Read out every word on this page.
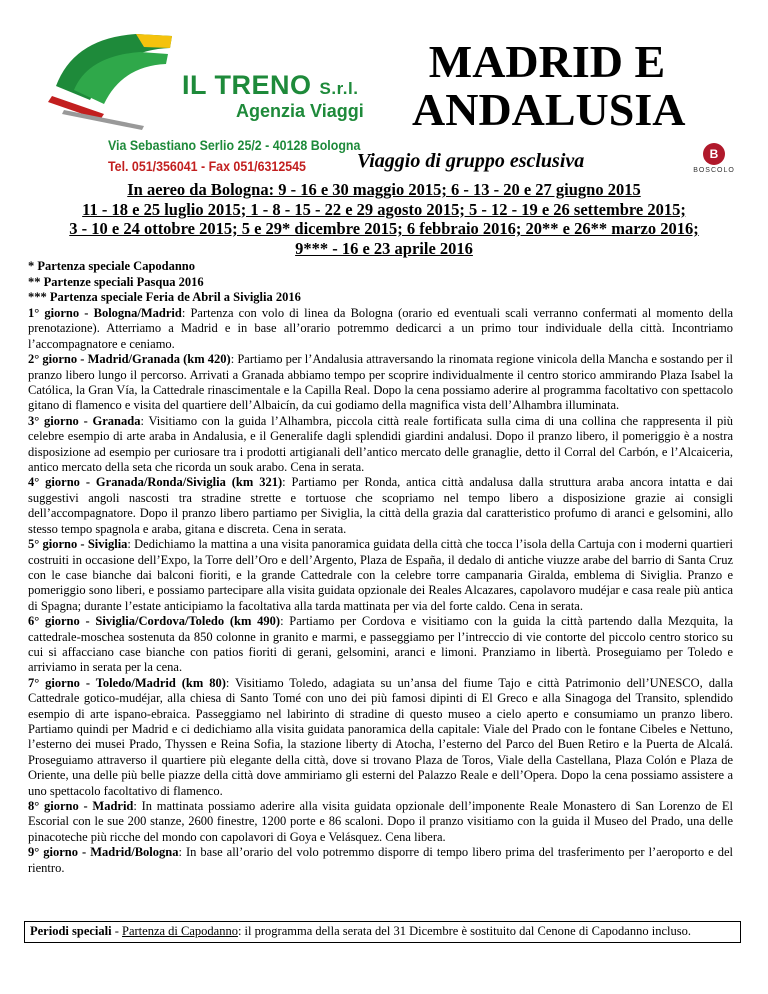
IL TRENO S.r.l.
Agenzia Viaggi
Via Sebastiano Serlio 25/2 - 40128 Bologna
Tel. 051/356041 - Fax 051/6312545
MADRID E
ANDALUSIA
Viaggio di gruppo esclusiva	B
BOSCOLO
In aereo da Bologna: 9 - 16 e 30 maggio 2015; 6 - 13 - 20 e 27 giugno 2015
11 - 18 e 25 luglio 2015; 1 - 8 - 15 - 22 e 29 agosto 2015; 5 - 12 - 19 e 26 settembre 2015;
3 - 10 e 24 ottobre 2015; 5 e 29* dicembre 2015; 6 febbraio 2016; 20** e 26** marzo 2016;
9*** - 16 e 23 aprile 2016
* Partenza speciale Capodanno
** Partenze speciali Pasqua 2016
*** Partenza speciale Feria de Abril a Siviglia 2016

1° giorno - Bologna/Madrid: Partenza con volo di linea da Bologna (orario ed eventuali scali verranno confermati al momento della prenotazione). Atterriamo a Madrid e in base all’orario potremmo dedicarci a un primo tour individuale della città. Incontriamo l’accompagnatore e ceniamo.

2° giorno - Madrid/Granada (km 420): Partiamo per l’Andalusia attraversando la rinomata regione vinicola della Mancha e sostando per il pranzo libero lungo il percorso. Arrivati a Granada abbiamo tempo per scoprire individualmente il centro storico ammirando Plaza Isabel la Católica, la Gran Vía, la Cattedrale rinascimentale e la Capilla Real. Dopo la cena possiamo aderire al programma facoltativo con spettacolo gitano di flamenco e visita del quartiere dell’Albaicín, da cui godiamo della magnifica vista dell’Alhambra illuminata.

3° giorno - Granada: Visitiamo con la guida l’Alhambra, piccola città reale fortificata sulla cima di una collina che rappresenta il più celebre esempio di arte araba in Andalusia, e il Generalife dagli splendidi giardini andalusi. Dopo il pranzo libero, il pomeriggio è a nostra disposizione ad esempio per curiosare tra i prodotti artigianali dell’antico mercato delle granaglie, detto il Corral del Carbón, e l’Alcaiceria, antico mercato della seta che ricorda un souk arabo. Cena in serata.

4° giorno - Granada/Ronda/Siviglia (km 321): Partiamo per Ronda, antica città andalusa dalla struttura araba ancora intatta e dai suggestivi angoli nascosti tra stradine strette e tortuose che scopriamo nel tempo libero a disposizione grazie ai consigli dell’accompagnatore. Dopo il pranzo libero partiamo per Siviglia, la città della grazia dal caratteristico profumo di aranci e gelsomini, allo stesso tempo spagnola e araba, gitana e discreta. Cena in serata.

5° giorno - Siviglia: Dedichiamo la mattina a una visita panoramica guidata della città che tocca l’isola della Cartuja con i moderni quartieri costruiti in occasione dell’Expo, la Torre dell’Oro e dell’Argento, Plaza de España, il dedalo di antiche viuzze arabe del barrio di Santa Cruz con le case bianche dai balconi fioriti, e la grande Cattedrale con la celebre torre campanaria Giralda, emblema di Siviglia. Pranzo e pomeriggio sono liberi, e possiamo partecipare alla visita guidata opzionale dei Reales Alcazares, capolavoro mudéjar e casa reale più antica di Spagna; durante l’estate anticipiamo la facoltativa alla tarda mattinata per via del forte caldo. Cena in serata.

6° giorno - Siviglia/Cordova/Toledo (km 490): Partiamo per Cordova e visitiamo con la guida la città partendo dalla Mezquita, la cattedrale-moschea sostenuta da 850 colonne in granito e marmi, e passeggiamo per l’intreccio di vie contorte del piccolo centro storico su cui si affacciano case bianche con patios fioriti di gerani, gelsomini, aranci e limoni. Pranziamo in libertà. Proseguiamo per Toledo e arriviamo in serata per la cena.

7° giorno - Toledo/Madrid (km 80): Visitiamo Toledo, adagiata su un’ansa del fiume Tajo e città Patrimonio dell’UNESCO, dalla Cattedrale gotico-mudéjar, alla chiesa di Santo Tomé con uno dei più famosi dipinti di El Greco e alla Sinagoga del Transito, splendido esempio di arte ispano-ebraica. Passeggiamo nel labirinto di stradine di questo museo a cielo aperto e consumiamo un pranzo libero. Partiamo quindi per Madrid e ci dedichiamo alla visita guidata panoramica della capitale: Viale del Prado con le fontane Cibeles e Nettuno, l’esterno dei musei Prado, Thyssen e Reina Sofia, la stazione liberty di Atocha, l’esterno del Parco del Buen Retiro e la Puerta de Alcalá. Proseguiamo attraverso il quartiere più elegante della città, dove si trovano Plaza de Toros, Viale della Castellana, Plaza Colón e Plaza de Oriente, una delle più belle piazze della città dove ammiriamo gli esterni del Palazzo Reale e dell’Opera. Dopo la cena possiamo assistere a uno spettacolo facoltativo di flamenco.

8° giorno - Madrid: In mattinata possiamo aderire alla visita guidata opzionale dell’imponente Reale Monastero di San Lorenzo de El Escorial con le sue 200 stanze, 2600 finestre, 1200 porte e 86 scaloni. Dopo il pranzo visitiamo con la guida il Museo del Prado, una delle pinacoteche più ricche del mondo con capolavori di Goya e Velásquez. Cena libera.

9° giorno - Madrid/Bologna: In base all’orario del volo potremmo disporre di tempo libero prima del trasferimento per l’aeroporto e del rientro.

Periodi speciali - Partenza di Capodanno: il programma della serata del 31 Dicembre è sostituito dal Cenone di Capodanno incluso.
